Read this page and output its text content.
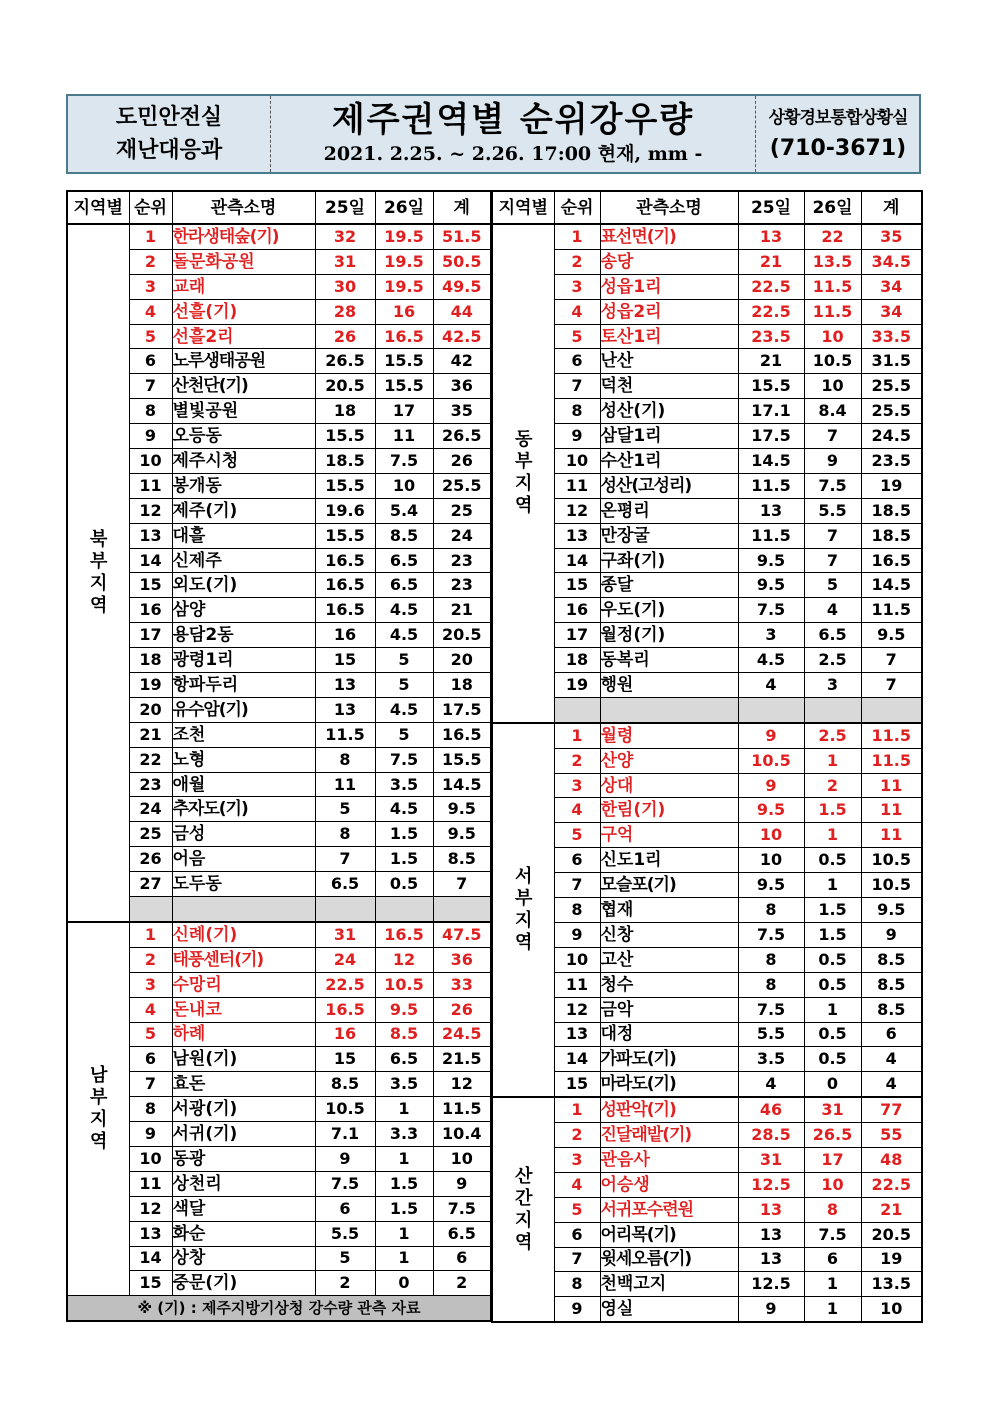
도민안전실
재난대응과
제주권역별 순위강우량
2021. 2.25. ~ 2.26. 17:00 현재, mm -
상황경보통합상황실
(710-3671)
지역별	순위	관측소명	25일	26일	계
북
부
지
역	1	한라생태숲(기)	32	19.5	51.5
	2	돌문화공원	31	19.5	50.5
	3	교래	30	19.5	49.5
	4	선흘(기)	28	16	44
	5	선흘2리	26	16.5	42.5
	6	노루생태공원	26.5	15.5	42
	7	산천단(기)	20.5	15.5	36
	8	별빛공원	18	17	35
	9	오등동	15.5	11	26.5
	10	제주시청	18.5	7.5	26
	11	봉개동	15.5	10	25.5
	12	제주(기)	19.6	5.4	25
	13	대흘	15.5	8.5	24
	14	신제주	16.5	6.5	23
	15	외도(기)	16.5	6.5	23
	16	삼양	16.5	4.5	21
	17	용담2동	16	4.5	20.5
	18	광령1리	15	5	20
	19	항파두리	13	5	18
	20	유수암(기)	13	4.5	17.5
	21	조천	11.5	5	16.5
	22	노형	8	7.5	15.5
	23	애월	11	3.5	14.5
	24	추자도(기)	5	4.5	9.5
	25	금성	8	1.5	9.5
	26	어음	7	1.5	8.5
	27	도두동	6.5	0.5	7

남
부
지
역	1	신례(기)	31	16.5	47.5
	2	태풍센터(기)	24	12	36
	3	수망리	22.5	10.5	33
	4	돈내코	16.5	9.5	26
	5	하례	16	8.5	24.5
	6	남원(기)	15	6.5	21.5
	7	효돈	8.5	3.5	12
	8	서광(기)	10.5	1	11.5
	9	서귀(기)	7.1	3.3	10.4
	10	동광	9	1	10
	11	상천리	7.5	1.5	9
	12	색달	6	1.5	7.5
	13	화순	5.5	1	6.5
	14	상창	5	1	6
	15	중문(기)	2	0	2
※ (기) : 제주지방기상청 강수량 관측 자료					
지역별	순위	관측소명	25일	26일	계
동
부
지
역	1	표선면(기)	13	22	35
	2	송당	21	13.5	34.5
	3	성읍1리	22.5	11.5	34
	4	성읍2리	22.5	11.5	34
	5	토산1리	23.5	10	33.5
	6	난산	21	10.5	31.5
	7	덕천	15.5	10	25.5
	8	성산(기)	17.1	8.4	25.5
	9	삼달1리	17.5	7	24.5
	10	수산1리	14.5	9	23.5
	11	성산(고성리)	11.5	7.5	19
	12	온평리	13	5.5	18.5
	13	만장굴	11.5	7	18.5
	14	구좌(기)	9.5	7	16.5
	15	종달	9.5	5	14.5
	16	우도(기)	7.5	4	11.5
	17	월정(기)	3	6.5	9.5
	18	동복리	4.5	2.5	7
	19	행원	4	3	7

서
부
지
역	1	월령	9	2.5	11.5
	2	산양	10.5	1	11.5
	3	상대	9	2	11
	4	한림(기)	9.5	1.5	11
	5	구억	10	1	11
	6	신도1리	10	0.5	10.5
	7	모슬포(기)	9.5	1	10.5
	8	협재	8	1.5	9.5
	9	신창	7.5	1.5	9
	10	고산	8	0.5	8.5
	11	청수	8	0.5	8.5
	12	금악	7.5	1	8.5
	13	대정	5.5	0.5	6
	14	가파도(기)	3.5	0.5	4
	15	마라도(기)	4	0	4
산
간
지
역	1	성판악(기)	46	31	77
	2	진달래밭(기)	28.5	26.5	55
	3	관음사	31	17	48
	4	어승생	12.5	10	22.5
	5	서귀포수련원	13	8	21
	6	어리목(기)	13	7.5	20.5
	7	윗세오름(기)	13	6	19
	8	천백고지	12.5	1	13.5
	9	영실	9	1	10
